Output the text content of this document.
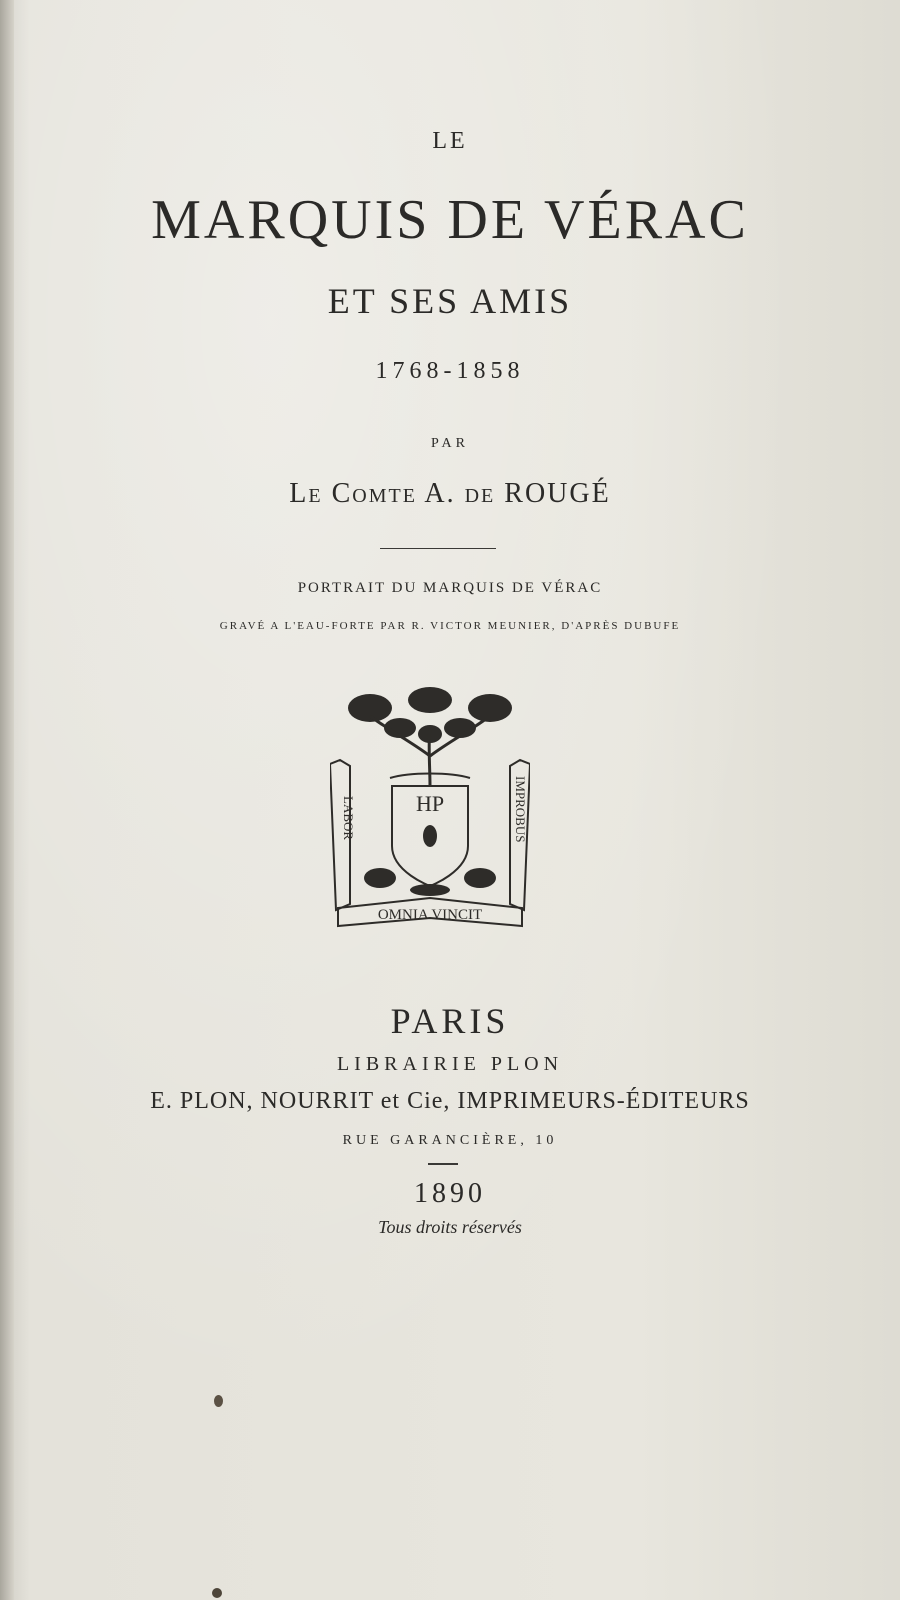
LE
MARQUIS DE VÉRAC
ET SES AMIS
1768-1858
PAR
Le Comte A. de ROUGÉ
PORTRAIT DU MARQUIS DE VÉRAC
GRAVÉ A L'EAU-FORTE PAR R. VICTOR MEUNIER, D'APRÈS DUBUFE
HP
LABOR	IMPROBUS
OMNIA VINCIT
PARIS
LIBRAIRIE PLON
E. PLON, NOURRIT et Cie, IMPRIMEURS-ÉDITEURS
RUE GARANCIÈRE, 10
1890
Tous droits réservés
